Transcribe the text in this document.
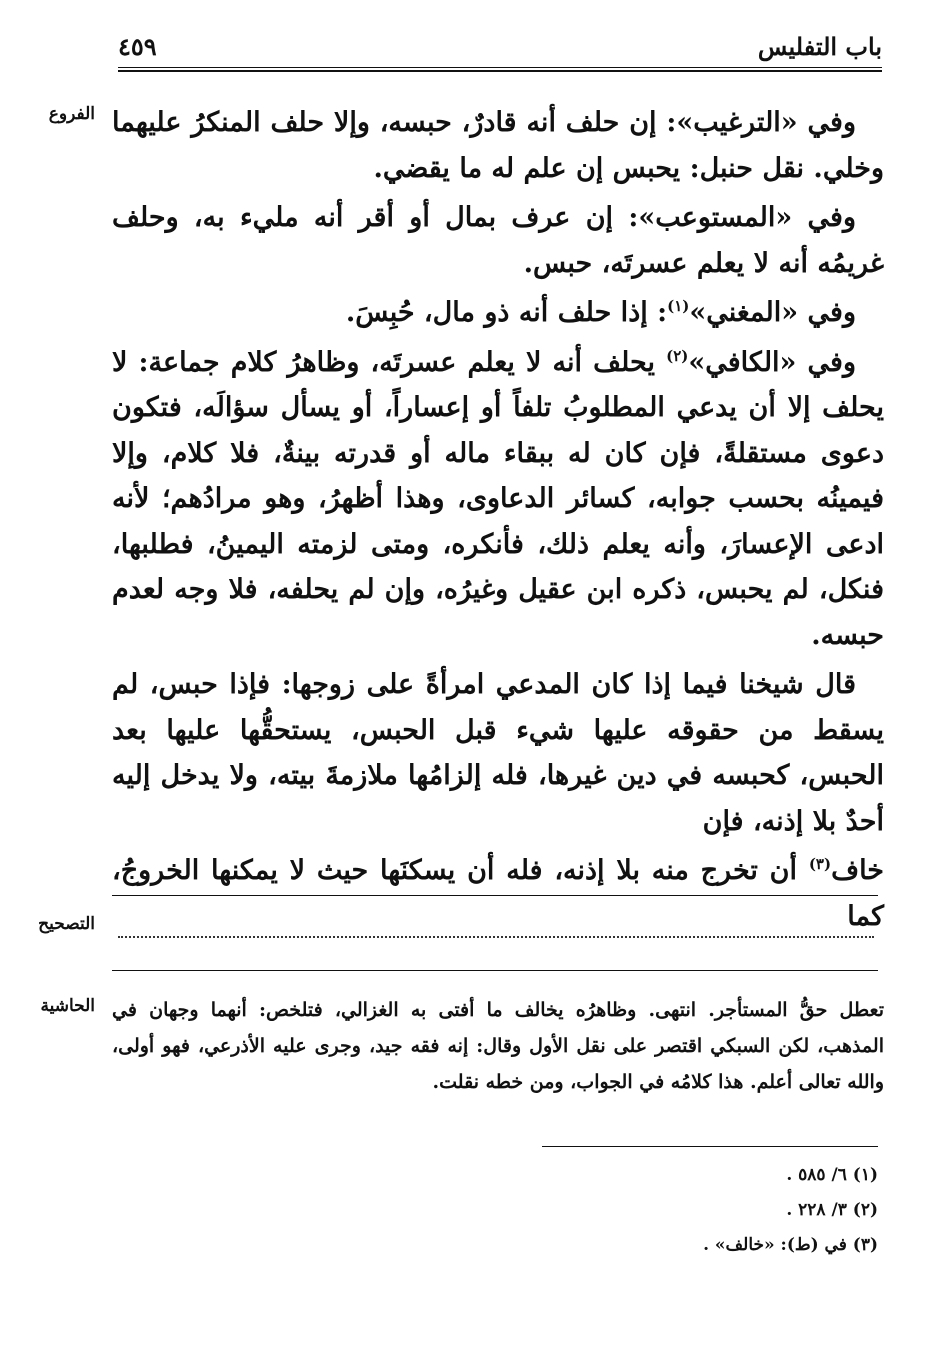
٤٥٩	باب التفليس
الفروع
التصحيح
الحاشية

وفي «الترغيب»: إن حلف أنه قادرٌ، حبسه، وإلا حلف المنكرُ عليهما وخلي. نقل حنبل: يحبس إن علم له ما يقضي.

وفي «المستوعب»: إن عرف بمال أو أقر أنه مليء به، وحلف غريمُه أنه لا يعلم عسرتَه، حبس.

وفي «المغني»$^{(١)}$: إذا حلف أنه ذو مال، حُبِسَ.

وفي «الكافي»$^{(٢)}$ يحلف أنه لا يعلم عسرتَه، وظاهرُ كلام جماعة: لا يحلف إلا أن يدعي المطلوبُ تلفاً أو إعساراً، أو يسأل سؤالَه، فتكون دعوى مستقلةً، فإن كان له ببقاء ماله أو قدرته بينةٌ، فلا كلام، وإلا فيمينُه بحسب جوابه، كسائر الدعاوى، وهذا أظهرُ، وهو مرادُهم؛ لأنه ادعى الإعسارَ، وأنه يعلم ذلك، فأنكره، ومتى لزمته اليمينُ، فطلبها، فنكل، لم يحبس، ذكره ابن عقيل وغيرُه، وإن لم يحلفه، فلا وجه لعدم حبسه.

قال شيخنا فيما إذا كان المدعي امرأةً على زوجها: فإذا حبس، لم يسقط من حقوقه عليها شيء قبل الحبس، يستحقُّها عليها بعد الحبس، كحبسه في دين غيرها، فله إلزامُها ملازمةَ بيته، ولا يدخل إليه أحدٌ بلا إذنه، فإن

خاف$^{(٣)}$ أن تخرج منه بلا إذنه، فله أن يسكنَها حيث لا يمكنها الخروجُ، كما

تعطل حقُّ المستأجر. انتهى. وظاهرُه يخالف ما أفتى به الغزالي، فتلخص: أنهما وجهان في المذهب، لكن السبكي اقتصر على نقل الأول وقال: إنه فقه جيد، وجرى عليه الأذرعي، فهو أولى، والله تعالى أعلم. هذا كلامُه في الجواب، ومن خطه نقلت.

(١) ٦/ ٥٨٥ .
(٢) ٣/ ٢٢٨ .
(٣) في (ط): «خالف» .
